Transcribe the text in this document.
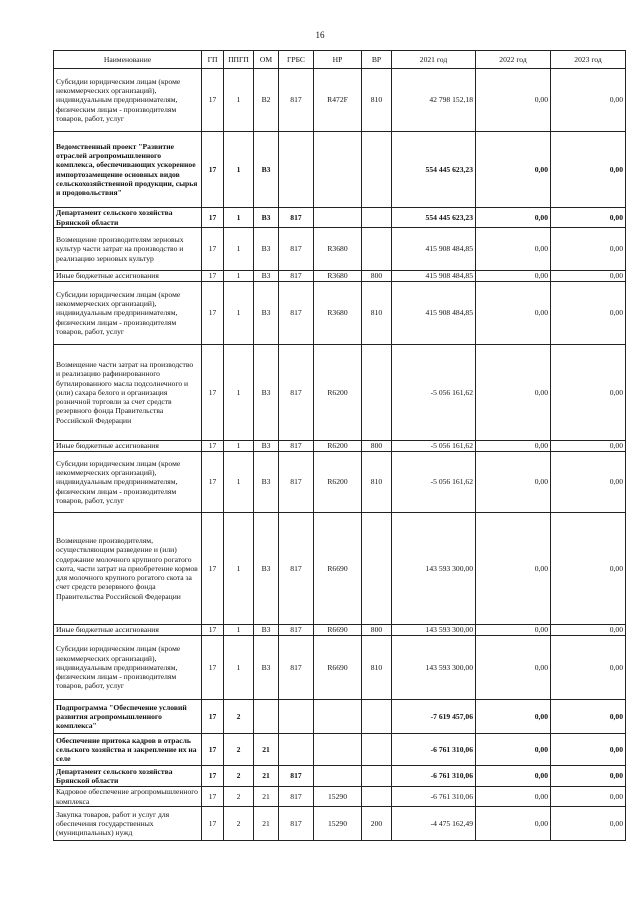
16
Наименование	ГП	ППГП	ОМ	ГРБС	НР	ВР	2021 год	2022 год	2023 год
Субсидии юридическим лицам (кроме некоммерческих организаций), индивидуальным предпринимателям, физическим лицам - производителям товаров, работ, услуг	17	1	B2	817	R472F	810	42 798 152,18	0,00	0,00
Ведомственный проект "Развитие отраслей агропромышленного комплекса, обеспечивающих ускоренное импортозамещение основных видов сельскохозяйственной продукции, сырья и продовольствия"	17	1	B3				554 445 623,23	0,00	0,00
Департамент сельского хозяйства Брянской области	17	1	B3	817			554 445 623,23	0,00	0,00
Возмещение производителям зерновых культур части затрат на производство и реализацию зерновых культур	17	1	B3	817	R3680		415 908 484,85	0,00	0,00
Иные бюджетные ассигнования	17	1	B3	817	R3680	800	415 908 484,85	0,00	0,00
Субсидии юридическим лицам (кроме некоммерческих организаций), индивидуальным предпринимателям, физическим лицам - производителям товаров, работ, услуг	17	1	B3	817	R3680	810	415 908 484,85	0,00	0,00
Возмещение части затрат на производство и реализацию рафинированного бутилированного масла подсолнечного и (или) сахара белого и организация розничной торговли за счет средств резервного фонда Правительства Российской Федерации	17	1	B3	817	R6200		-5 056 161,62	0,00	0,00
Иные бюджетные ассигнования	17	1	B3	817	R6200	800	-5 056 161,62	0,00	0,00
Субсидии юридическим лицам (кроме некоммерческих организаций), индивидуальным предпринимателям, физическим лицам - производителям товаров, работ, услуг	17	1	B3	817	R6200	810	-5 056 161,62	0,00	0,00
Возмещение производителям, осуществляющим разведение и (или) содержание молочного крупного рогатого скота, части затрат на приобретение кормов для молочного крупного рогатого скота за счет средств резервного фонда Правительства Российской Федерации	17	1	B3	817	R6690		143 593 300,00	0,00	0,00
Иные бюджетные ассигнования	17	1	B3	817	R6690	800	143 593 300,00	0,00	0,00
Субсидии юридическим лицам (кроме некоммерческих организаций), индивидуальным предпринимателям, физическим лицам - производителям товаров, работ, услуг	17	1	B3	817	R6690	810	143 593 300,00	0,00	0,00
Подпрограмма "Обеспечение условий развития агропромышленного комплекса"	17	2					-7 619 457,06	0,00	0,00
Обеспечение притока кадров в отрасль сельского хозяйства и закрепление их на селе	17	2	21				-6 761 310,06	0,00	0,00
Департамент сельского хозяйства Брянской области	17	2	21	817			-6 761 310,06	0,00	0,00
Кадровое обеспечение агропромышленного комплекса	17	2	21	817	15290		-6 761 310,06	0,00	0,00
Закупка товаров, работ и услуг для обеспечения государственных (муниципальных) нужд	17	2	21	817	15290	200	-4 475 162,49	0,00	0,00
